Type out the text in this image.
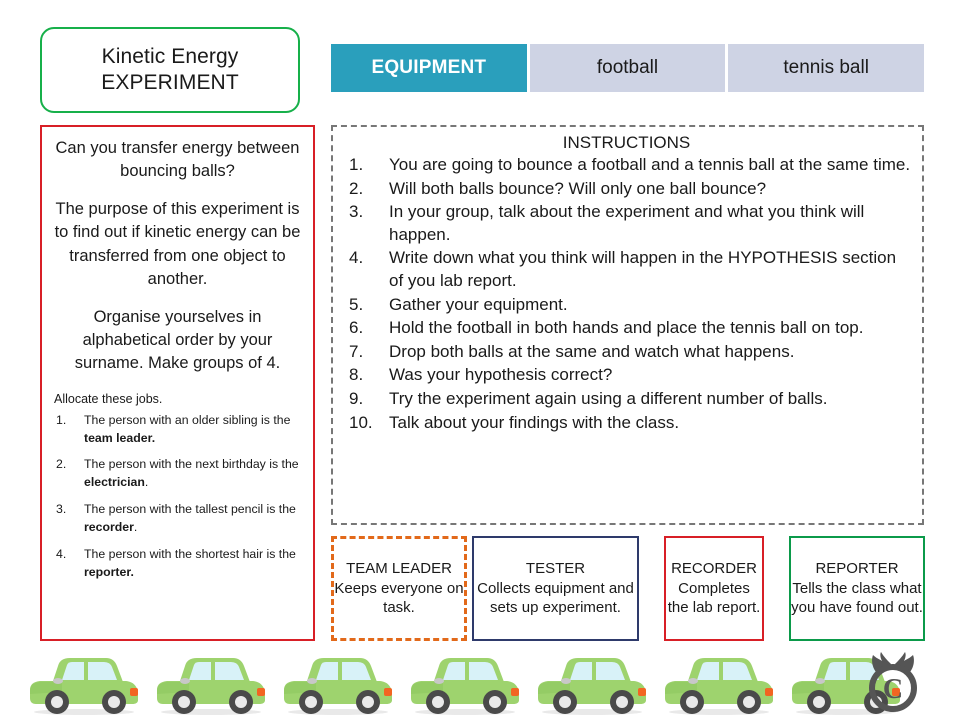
Kinetic Energy
EXPERIMENT
EQUIPMENT	football	tennis ball
Can you transfer energy between bouncing balls?
The purpose of this experiment is to find out if kinetic energy can be transferred from one object to another.
Organise yourselves in alphabetical order by your surname. Make groups of 4.
Allocate these jobs.
1. The person with an older sibling is the team leader.
2. The person with the next birthday is the electrician.
3. The person with the tallest pencil is the recorder.
4. The person with the shortest hair is the reporter.
INSTRUCTIONS
1.	You are going to bounce a football and a tennis ball at the same time.
2.	Will both balls bounce? Will only one ball bounce?
3.	In your group, talk about the experiment and what you think will happen.
4.	Write down what you think will happen in the HYPOTHESIS section of you lab report.
5.	Gather your equipment.
6.	Hold the football in both hands and place the tennis ball on top.
7.	Drop both balls at the same and watch what happens.
8.	Was your hypothesis correct?
9.	Try the experiment again using a different number of balls.
10. Talk about your findings with the class.
TEAM LEADER
Keeps everyone on task.
TESTER
Collects equipment and sets up experiment.
RECORDER
Completes the lab report.
REPORTER
Tells the class what you have found out.
C
